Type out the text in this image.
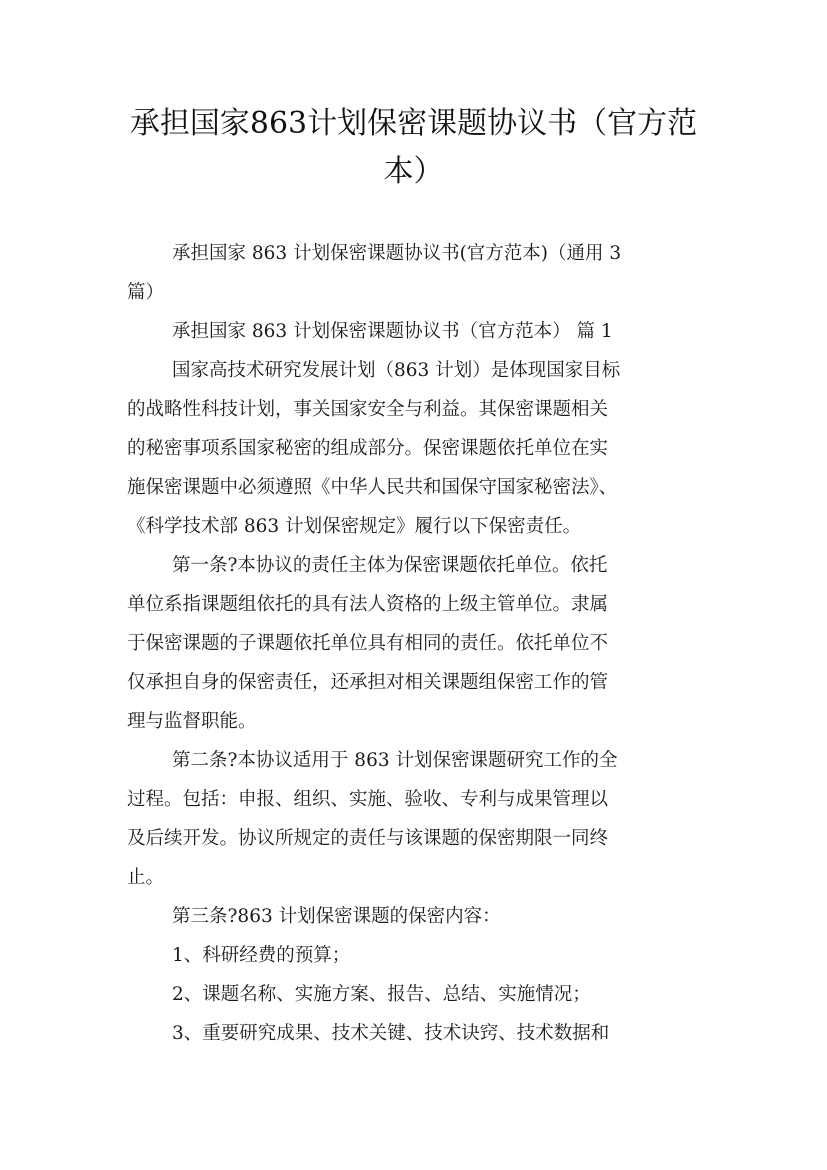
承担国家863计划保密课题协议书（官方范
本）

承担国家 863 计划保密课题协议书(官方范本)（通用 3

篇）

承担国家 863 计划保密课题协议书（官方范本） 篇 1

国家高技术研究发展计划（863 计划）是体现国家目标

的战略性科技计划，事关国家安全与利益。其保密课题相关

的秘密事项系国家秘密的组成部分。保密课题依托单位在实

施保密课题中必须遵照《中华人民共和国保守国家秘密法》、

《科学技术部 863 计划保密规定》履行以下保密责任。

第一条?本协议的责任主体为保密课题依托单位。依托

单位系指课题组依托的具有法人资格的上级主管单位。隶属

于保密课题的子课题依托单位具有相同的责任。依托单位不

仅承担自身的保密责任，还承担对相关课题组保密工作的管

理与监督职能。

第二条?本协议适用于 863 计划保密课题研究工作的全

过程。包括：申报、组织、实施、验收、专利与成果管理以

及后续开发。协议所规定的责任与该课题的保密期限一同终

止。

第三条?863 计划保密课题的保密内容：

1、科研经费的预算；

2、课题名称、实施方案、报告、总结、实施情况；

3、重要研究成果、技术关键、技术诀窍、技术数据和
